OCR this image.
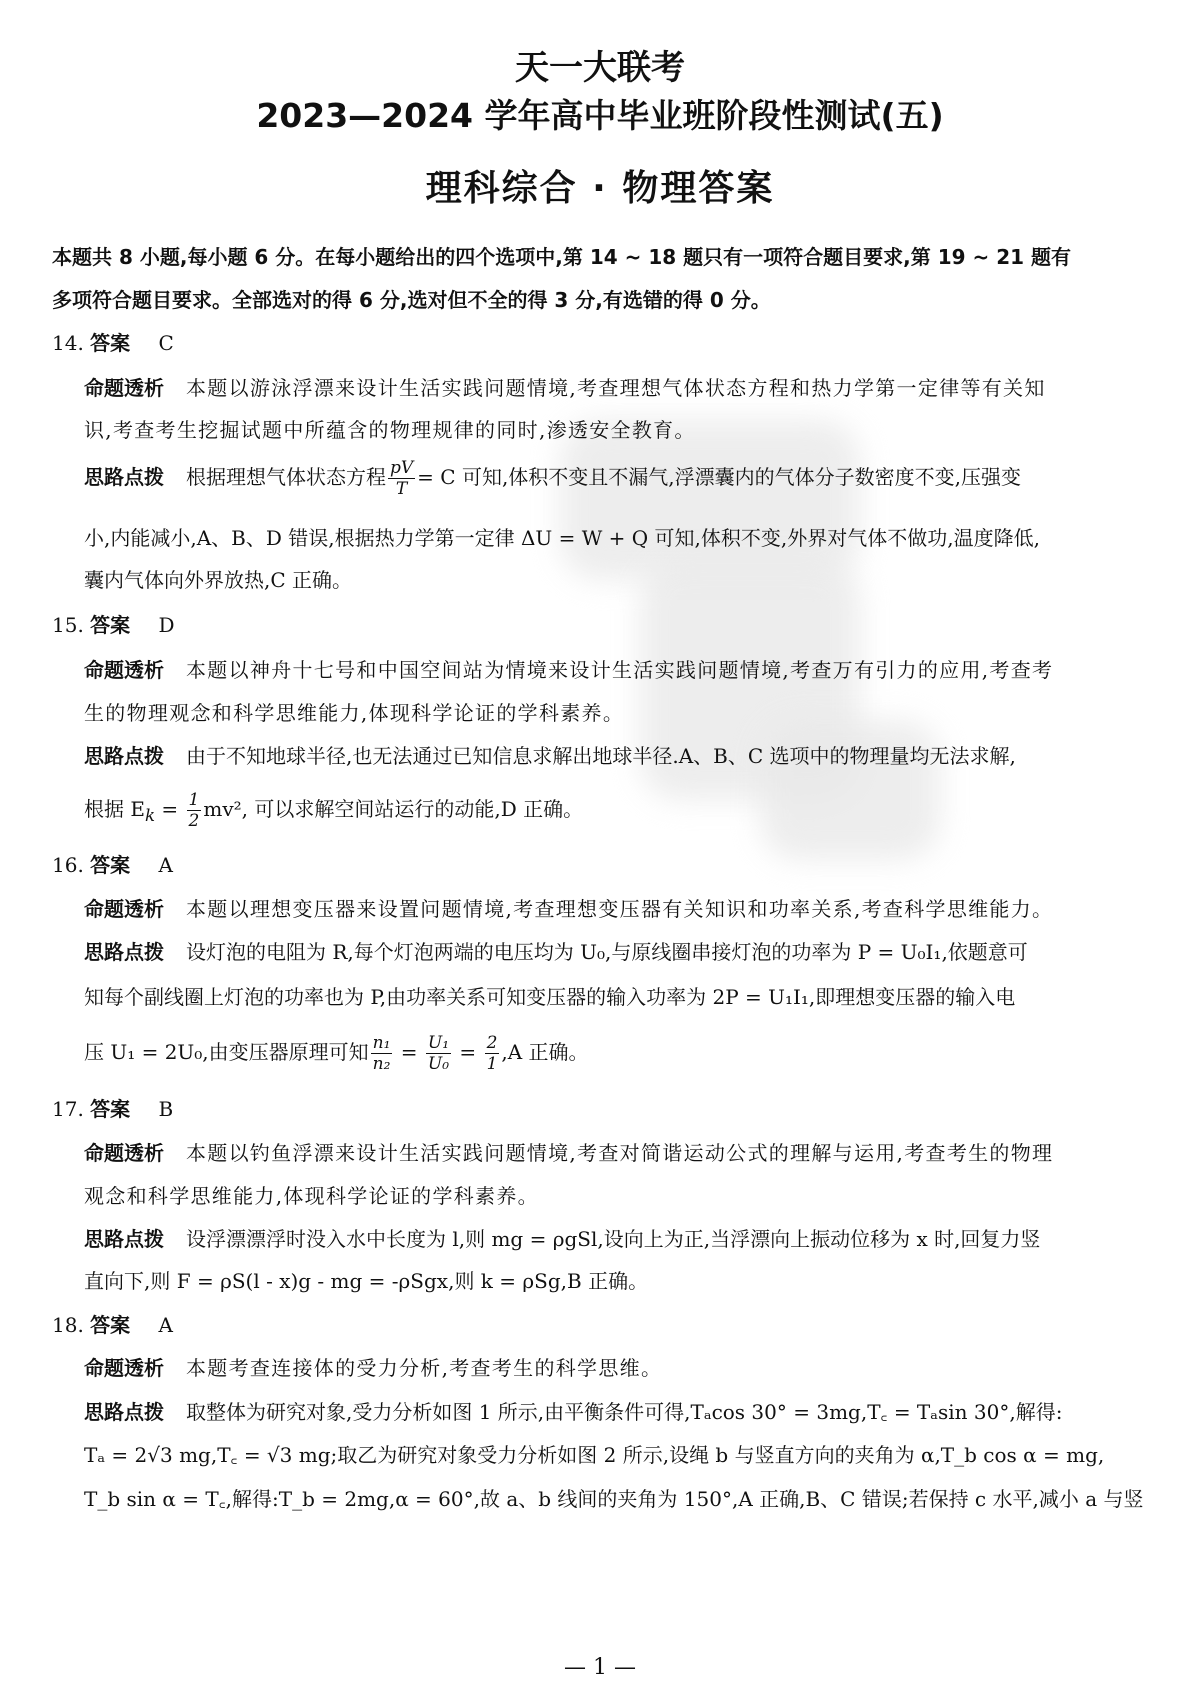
天一大联考
2023—2024 学年高中毕业班阶段性测试(五)
理科综合 · 物理答案
本题共 8 小题,每小题 6 分。在每小题给出的四个选项中,第 14 ~ 18 题只有一项符合题目要求,第 19 ~ 21 题有
多项符合题目要求。全部选对的得 6 分,选对但不全的得 3 分,有选错的得 0 分。
14. 答案 C
命题透析 本题以游泳浮漂来设计生活实践问题情境,考查理想气体状态方程和热力学第一定律等有关知
识,考查考生挖掘试题中所蕴含的物理规律的同时,渗透安全教育。
思路点拨 根据理想气体状态方程 $\frac{pV}{T} = C$ 可知,体积不变且不漏气,浮漂囊内的气体分子数密度不变,压强变
小,内能减小,A、B、D 错误,根据热力学第一定律 ΔU = W + Q 可知,体积不变,外界对气体不做功,温度降低,
囊内气体向外界放热,C 正确。
15. 答案 D
命题透析 本题以神舟十七号和中国空间站为情境来设计生活实践问题情境,考查万有引力的应用,考查考
生的物理观念和科学思维能力,体现科学论证的学科素养。
思路点拨 由于不知地球半径,也无法通过已知信息求解出地球半径.A、B、C 选项中的物理量均无法求解,
根据 $E_k = \frac{1}{2} mv^2$, 可以求解空间站运行的动能,D 正确。
16. 答案 A
命题透析 本题以理想变压器来设置问题情境,考查理想变压器有关知识和功率关系,考查科学思维能力。
思路点拨 设灯泡的电阻为 R,每个灯泡两端的电压均为 U₀,与原线圈串接灯泡的功率为 P = U₀I₁,依题意可
知每个副线圈上灯泡的功率也为 P,由功率关系可知变压器的输入功率为 2P = U₁I₁,即理想变压器的输入电
压 U₁ = 2U₀,由变压器原理可知 $\frac{\text{n₁}}{\text{n₂}} = \frac{\text{U₁}}{\text{U₀}} = \frac{2}{1} ,A$ 正确。
17. 答案 B
命题透析 本题以钓鱼浮漂来设计生活实践问题情境,考查对简谐运动公式的理解与运用,考查考生的物理
观念和科学思维能力,体现科学论证的学科素养。
思路点拨 设浮漂漂浮时没入水中长度为 l,则 mg = ρgSl,设向上为正,当浮漂向上振动位移为 x 时,回复力竖
直向下,则 F = ρS(l - x)g - mg = -ρSgx,则 k = ρSg,B 正确。
18. 答案 A
命题透析 本题考查连接体的受力分析,考查考生的科学思维。
思路点拨 取整体为研究对象,受力分析如图 1 所示,由平衡条件可得,Tₐcos 30° = 3mg,T꜀ = Tₐsin 30°,解得:
Tₐ = 2√3 mg,T꜀ = √3 mg;取乙为研究对象受力分析如图 2 所示,设绳 b 与竖直方向的夹角为 α,T_b cos α = mg,
T_b sin α = T꜀,解得:T_b = 2mg,α = 60°,故 a、b 线间的夹角为 150°,A 正确,B、C 错误;若保持 c 水平,减小 a 与竖
— 1 —
